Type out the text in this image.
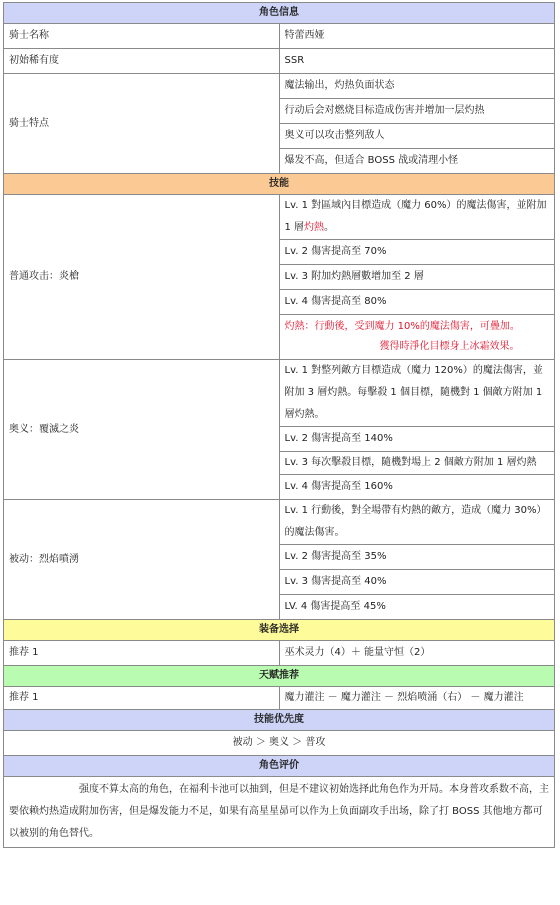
角色信息	
骑士名称	特蕾西娅
初始稀有度	SSR
骑士特点	魔法输出，灼热负面状态
	行动后会对燃烧目标造成伤害并增加一层灼热
	奥义可以攻击整列敌人
	爆发不高，但适合 BOSS 战或清理小怪
技能	
普通攻击：炎槍	Lv. 1 對區域內目標造成（魔力 60%）的魔法傷害，並附加 1 層灼熱。
	Lv. 2 傷害提高至 70%
	Lv. 3 附加灼熱層數增加至 2 層
	Lv. 4 傷害提高至 80%

	灼熱：行動後，受到魔力 10%的魔法傷害，可疊加。
獲得時淨化目標身上冰霜效果。

奥义：覆滅之炎	Lv. 1 對整列敵方目標造成（魔力 120%）的魔法傷害，並附加 3 層灼熱。每擊殺 1 個目標，隨機對 1 個敵方附加 1 層灼熱。
	Lv. 2 傷害提高至 140%
	Lv. 3 每次擊殺目標，隨機對場上 2 個敵方附加 1 層灼熱
	Lv. 4 傷害提高至 160%
被动：烈焰噴湧	Lv. 1 行動後，對全場帶有灼熱的敵方，造成（魔力 30%）的魔法傷害。
	Lv. 2 傷害提高至 35%
	Lv. 3 傷害提高至 40%
	LV. 4 傷害提高至 45%
装备选择	
推荐 1	巫术灵力（4）＋ 能量守恒（2）
天赋推荐	
推荐 1	魔力灌注 － 魔力灌注 － 烈焰喷涌（右） － 魔力灌注
技能优先度	
被动 ＞ 奥义 ＞ 普攻	
角色评价	
强度不算太高的角色，在福利卡池可以抽到，但是不建议初始选择此角色作为开局。本身普攻系数不高，主要依赖灼热造成附加伤害，但是爆发能力不足，如果有高星星昴可以作为上负面副攻手出场，除了打 BOSS 其他地方都可以被别的角色替代。	
